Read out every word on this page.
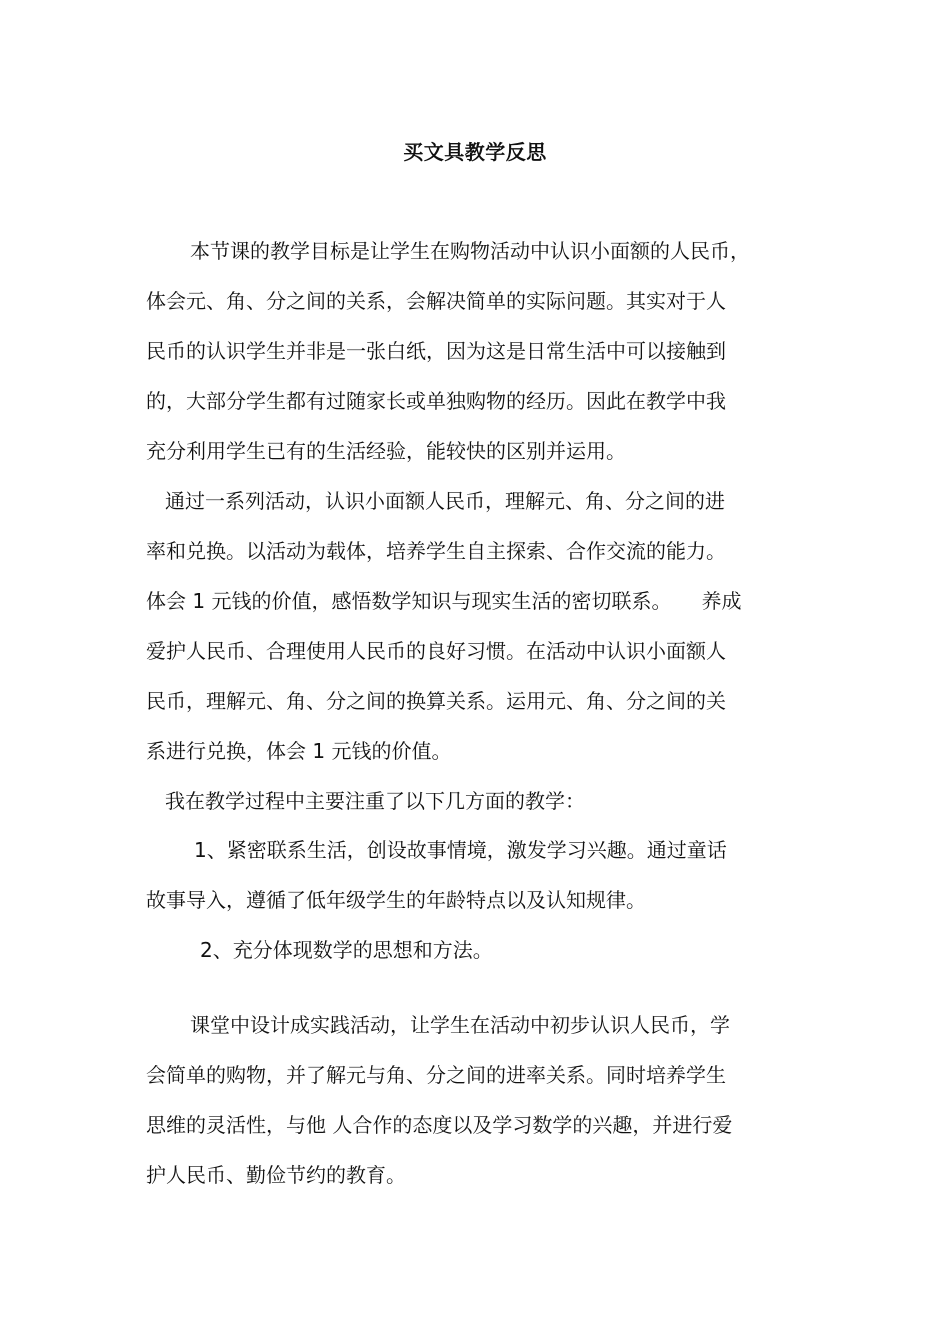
买文具教学反思
本节课的教学目标是让学生在购物活动中认识小面额的人民币，
体会元、角、分之间的关系，会解决简单的实际问题。其实对于人
民币的认识学生并非是一张白纸，因为这是日常生活中可以接触到
的，大部分学生都有过随家长或单独购物的经历。因此在教学中我
充分利用学生已有的生活经验，能较快的区别并运用。
通过一系列活动，认识小面额人民币，理解元、角、分之间的进
率和兑换。以活动为载体，培养学生自主探索、合作交流的能力。
体会 1 元钱的价值，感悟数学知识与现实生活的密切联系。　　养成
爱护人民币、合理使用人民币的良好习惯。在活动中认识小面额人
民币，理解元、角、分之间的换算关系。运用元、角、分之间的关
系进行兑换，体会 1 元钱的价值。
我在教学过程中主要注重了以下几方面的教学：
1、紧密联系生活，创设故事情境，激发学习兴趣。通过童话
故事导入，遵循了低年级学生的年龄特点以及认知规律。
2、充分体现数学的思想和方法。
课堂中设计成实践活动，让学生在活动中初步认识人民币，学
会简单的购物，并了解元与角、分之间的进率关系。同时培养学生
思维的灵活性，与他 人合作的态度以及学习数学的兴趣，并进行爱
护人民币、勤俭节约的教育。
